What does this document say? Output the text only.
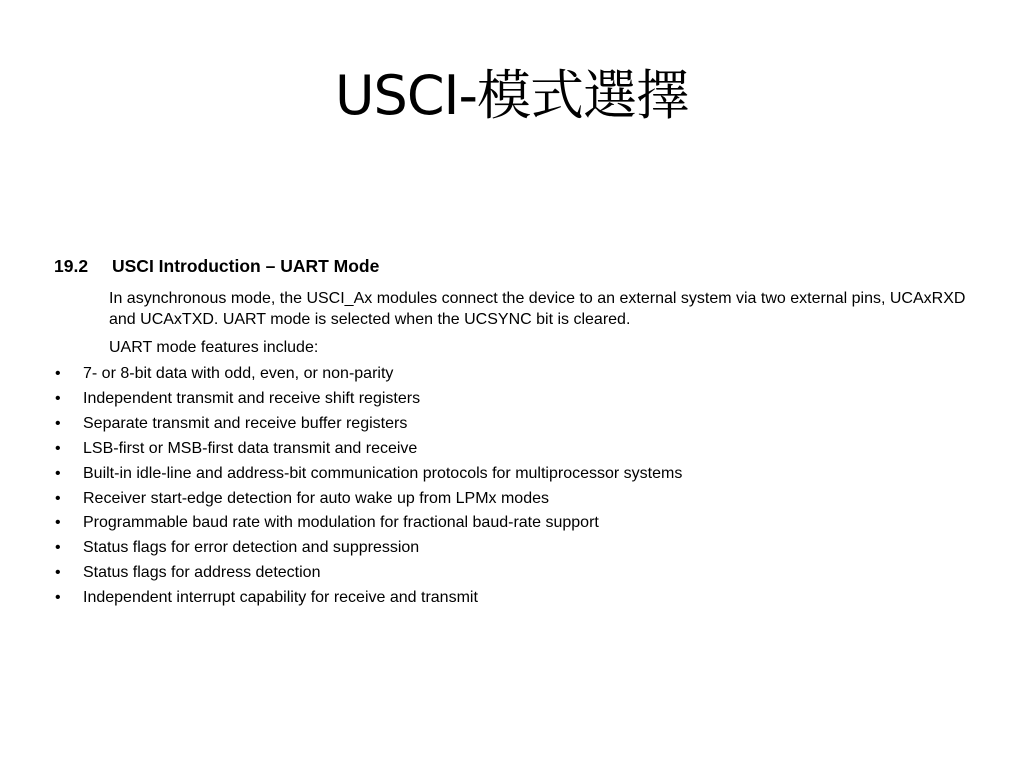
USCI-模式選擇
19.2	USCI Introduction – UART Mode

In asynchronous mode, the USCI_Ax modules connect the device to an external system via two external pins, UCAxRXD and UCAxTXD. UART mode is selected when the UCSYNC bit is cleared.

UART mode features include:

•	7- or 8-bit data with odd, even, or non-parity
•	Independent transmit and receive shift registers
•	Separate transmit and receive buffer registers
•	LSB-first or MSB-first data transmit and receive
•	Built-in idle-line and address-bit communication protocols for multiprocessor systems
•	Receiver start-edge detection for auto wake up from LPMx modes
•	Programmable baud rate with modulation for fractional baud-rate support
•	Status flags for error detection and suppression
•	Status flags for address detection
•	Independent interrupt capability for receive and transmit
